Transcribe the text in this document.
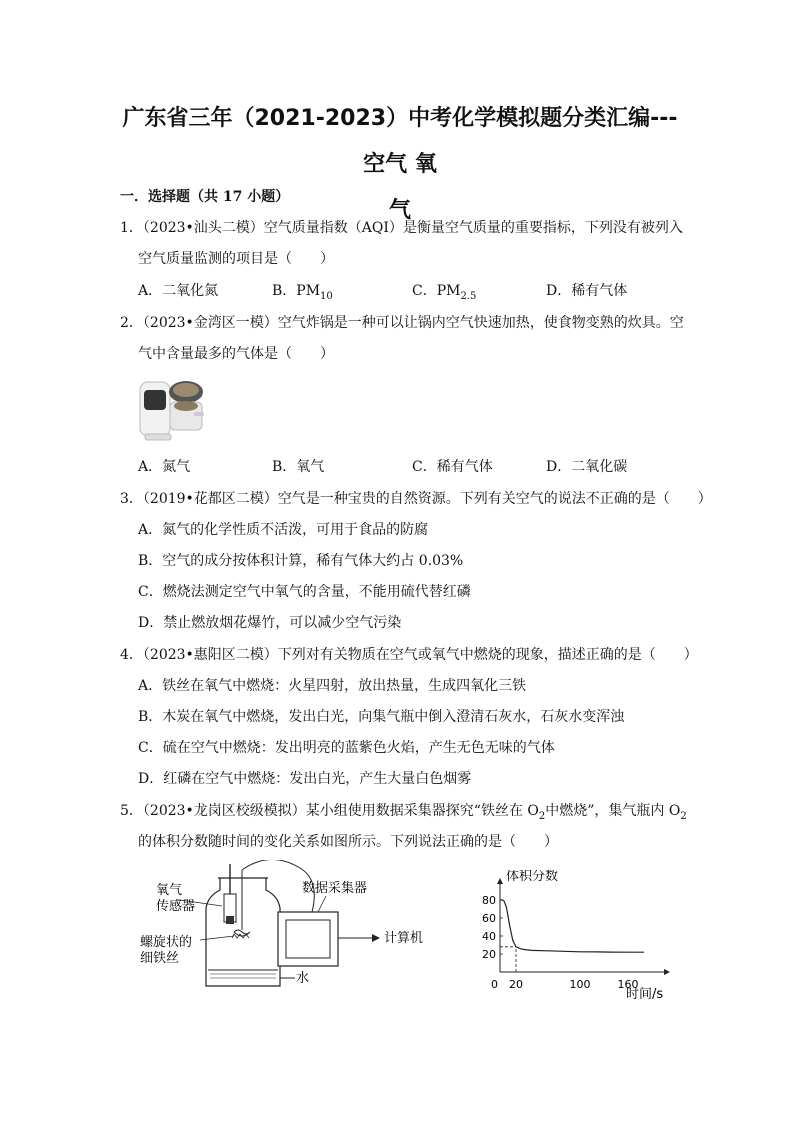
广东省三年（2021-2023）中考化学模拟题分类汇编---空气 氧
气
一．选择题（共 17 小题）
1．（2023•汕头二模）空气质量指数（AQI）是衡量空气质量的重要指标，下列没有被列入
空气质量监测的项目是（　　）
A．二氧化氮	B．$PM_{10}$	C．$PM_{2.5}$	D．稀有气体
2．（2023•金湾区一模）空气炸锅是一种可以让锅内空气快速加热，使食物变熟的炊具。空
气中含量最多的气体是（　　）
A．氮气	B．氧气	C．稀有气体	D．二氧化碳
3．（2019•花都区二模）空气是一种宝贵的自然资源。下列有关空气的说法不正确的是（　　）
A．氮气的化学性质不活泼，可用于食品的防腐
B．空气的成分按体积计算，稀有气体大约占 0.03%
C．燃烧法测定空气中氧气的含量，不能用硫代替红磷
D．禁止燃放烟花爆竹，可以减少空气污染
4．（2023•惠阳区二模）下列对有关物质在空气或氧气中燃烧的现象，描述正确的是（　　）
A．铁丝在氧气中燃烧：火星四射，放出热量，生成四氧化三铁
B．木炭在氧气中燃烧，发出白光，向集气瓶中倒入澄清石灰水，石灰水变浑浊
C．硫在空气中燃烧：发出明亮的蓝紫色火焰，产生无色无味的气体
D．红磷在空气中燃烧：发出白光，产生大量白色烟雾
5．（2023•龙岗区校级模拟）某小组使用数据采集器探究“铁丝在 $O_2$中燃烧”，集气瓶内 $O_2$
的体积分数随时间的变化关系如图所示。下列说法正确的是（　　）
氧气
传感器
数据采集器
计算机
螺旋状的
细铁丝
水
80
60
40
20
0 20	100 160
体积分数
时间/s
